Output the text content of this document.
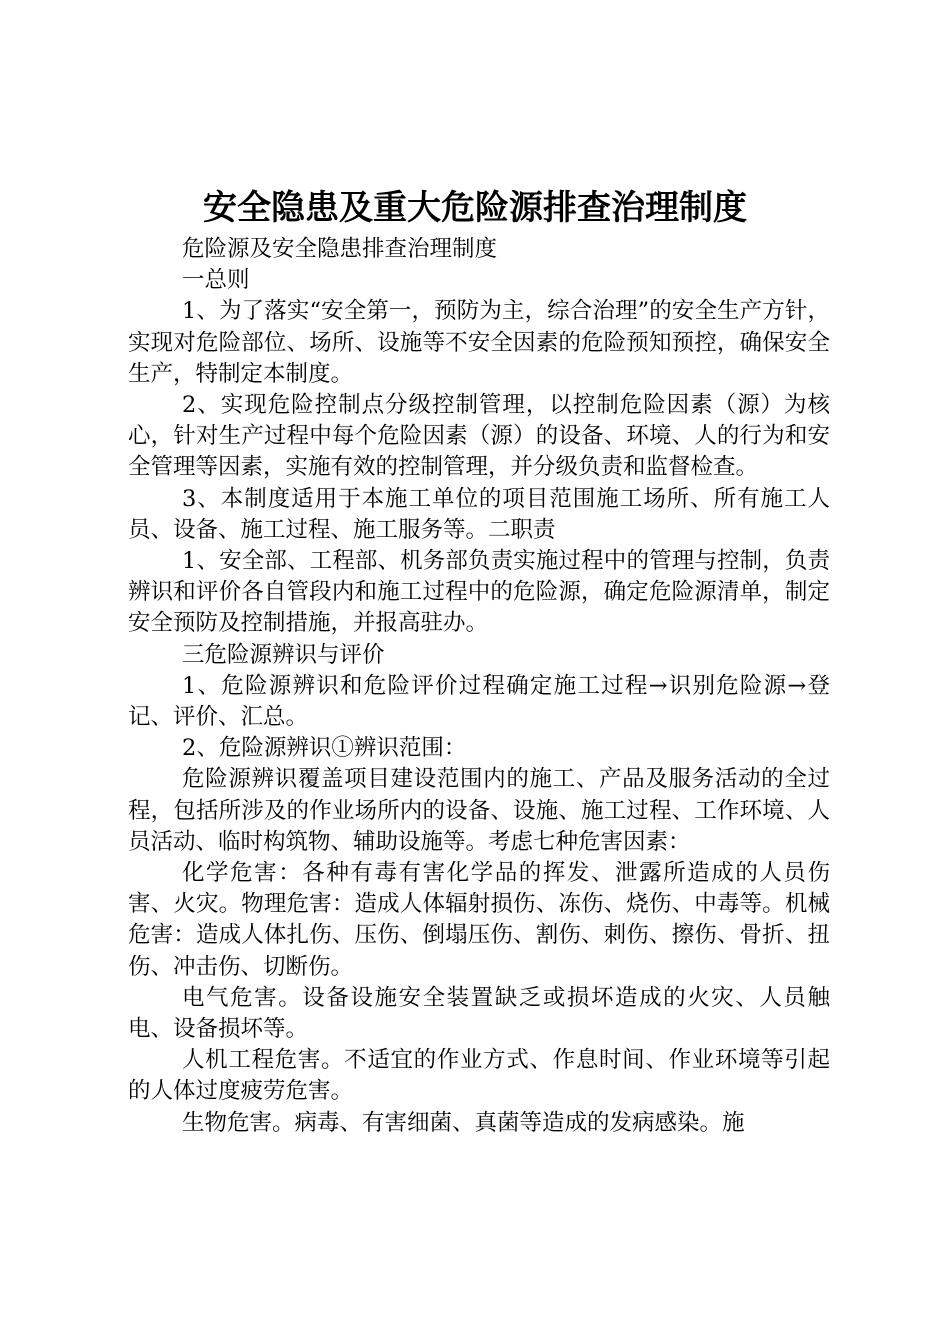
安全隐患及重大危险源排查治理制度

危险源及安全隐患排查治理制度

一总则

1、为了落实“安全第一，预防为主，综合治理”的安全生产方针，实现对危险部位、场所、设施等不安全因素的危险预知预控，确保安全生产，特制定本制度。

2、实现危险控制点分级控制管理，以控制危险因素（源）为核心，针对生产过程中每个危险因素（源）的设备、环境、人的行为和安全管理等因素，实施有效的控制管理，并分级负责和监督检查。

3、本制度适用于本施工单位的项目范围施工场所、所有施工人员、设备、施工过程、施工服务等。二职责

1、安全部、工程部、机务部负责实施过程中的管理与控制，负责辨识和评价各自管段内和施工过程中的危险源，确定危险源清单，制定安全预防及控制措施，并报高驻办。

三危险源辨识与评价

1、危险源辨识和危险评价过程确定施工过程→识别危险源→登记、评价、汇总。

2、危险源辨识①辨识范围：

危险源辨识覆盖项目建设范围内的施工、产品及服务活动的全过程，包括所涉及的作业场所内的设备、设施、施工过程、工作环境、人员活动、临时构筑物、辅助设施等。考虑七种危害因素：

化学危害：各种有毒有害化学品的挥发、泄露所造成的人员伤害、火灾。物理危害：造成人体辐射损伤、冻伤、烧伤、中毒等。机械危害：造成人体扎伤、压伤、倒塌压伤、割伤、刺伤、擦伤、骨折、扭伤、冲击伤、切断伤。

电气危害。设备设施安全装置缺乏或损坏造成的火灾、人员触电、设备损坏等。

人机工程危害。不适宜的作业方式、作息时间、作业环境等引起的人体过度疲劳危害。

生物危害。病毒、有害细菌、真菌等造成的发病感染。施
